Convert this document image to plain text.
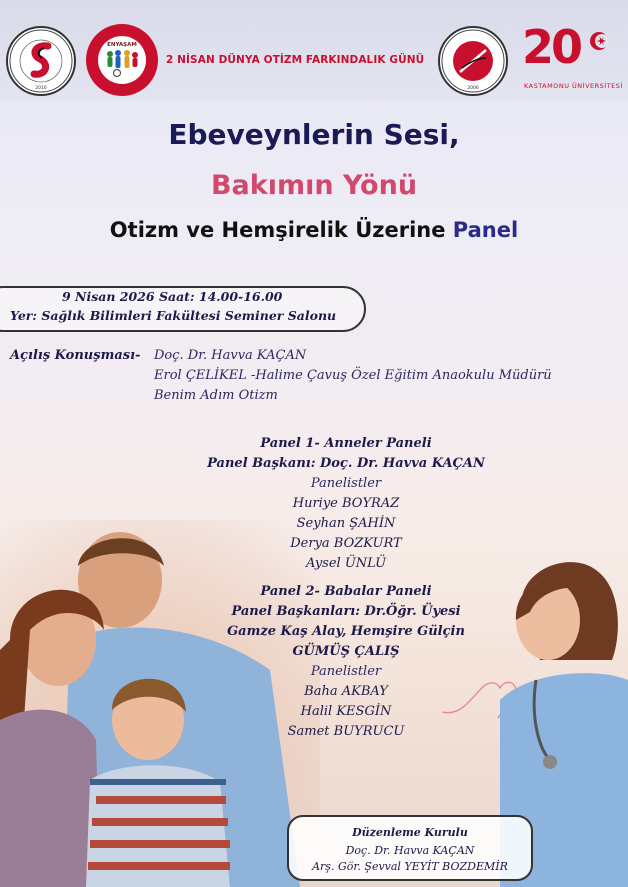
2016
ENYAŞAM
2 NİSAN DÜNYA OTİZM FARKINDALIK GÜNÜ
2006
20
KASTAMONU ÜNİVERSİTESİ
Ebeveynlerin Sesi,
Bakımın Yönü
Otizm ve Hemşirelik Üzerine Panel
9 Nisan 2026 Saat: 14.00-16.00
Yer: Sağlık Bilimleri Fakültesi Seminer Salonu
Açılış Konuşması- Doç. Dr. Havva KAÇAN
Erol ÇELİKEL -Halime Çavuş Özel Eğitim Anaokulu Müdürü
Benim Adım Otizm
Panel 1- Anneler Paneli
Panel Başkanı: Doç. Dr. Havva KAÇAN
Panelistler
Huriye BOYRAZ
Seyhan ŞAHİN
Derya BOZKURT
Aysel ÜNLÜ
Panel 2- Babalar Paneli
Panel Başkanları: Dr.Öğr. Üyesi
Gamze Kaş Alay, Hemşire Gülçin
GÜMÜŞ ÇALIŞ
Panelistler
Baha AKBAY
Halil KESGİN
Samet BUYRUCU
Düzenleme Kurulu
Doç. Dr. Havva KAÇAN
Arş. Gör. Şevval YEYİT BOZDEMİR
